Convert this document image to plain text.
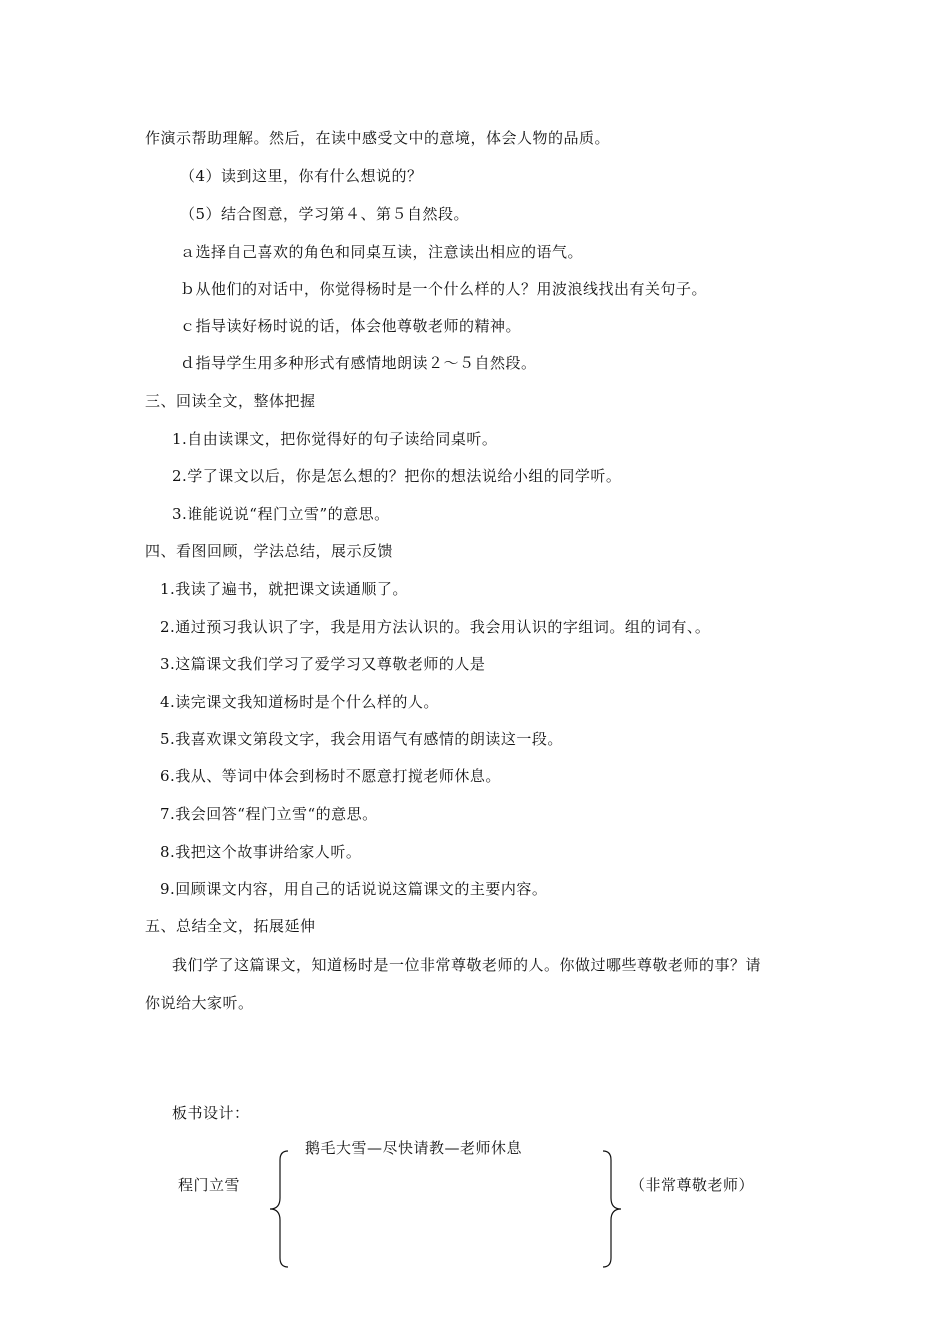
作演示帮助理解。然后，在读中感受文中的意境，体会人物的品质。
（4）读到这里，你有什么想说的？
（5）结合图意，学习第４、第５自然段。
ａ选择自己喜欢的角色和同桌互读，注意读出相应的语气。
ｂ从他们的对话中，你觉得杨时是一个什么样的人？用波浪线找出有关句子。
ｃ指导读好杨时说的话，体会他尊敬老师的精神。
ｄ指导学生用多种形式有感情地朗读２～５自然段。
三、回读全文，整体把握
1.自由读课文，把你觉得好的句子读给同桌听。
2.学了课文以后，你是怎么想的？把你的想法说给小组的同学听。
3.谁能说说“程门立雪”的意思。
四、看图回顾，学法总结，展示反馈
1.我读了遍书，就把课文读通顺了。
2.通过预习我认识了字，我是用方法认识的。我会用认识的字组词。组的词有、。
3.这篇课文我们学习了爱学习又尊敬老师的人是
4.读完课文我知道杨时是个什么样的人。
5.我喜欢课文第段文字，我会用语气有感情的朗读这一段。
6.我从、等词中体会到杨时不愿意打搅老师休息。
7.我会回答“程门立雪“的意思。
8.我把这个故事讲给家人听。
9.回顾课文内容，用自己的话说说这篇课文的主要内容。
五、总结全文，拓展延伸
我们学了这篇课文，知道杨时是一位非常尊敬老师的人。你做过哪些尊敬老师的事？请
你说给大家听。
板书设计：
程门立雪
鹅毛大雪—尽快请教—老师休息
（非常尊敬老师）
